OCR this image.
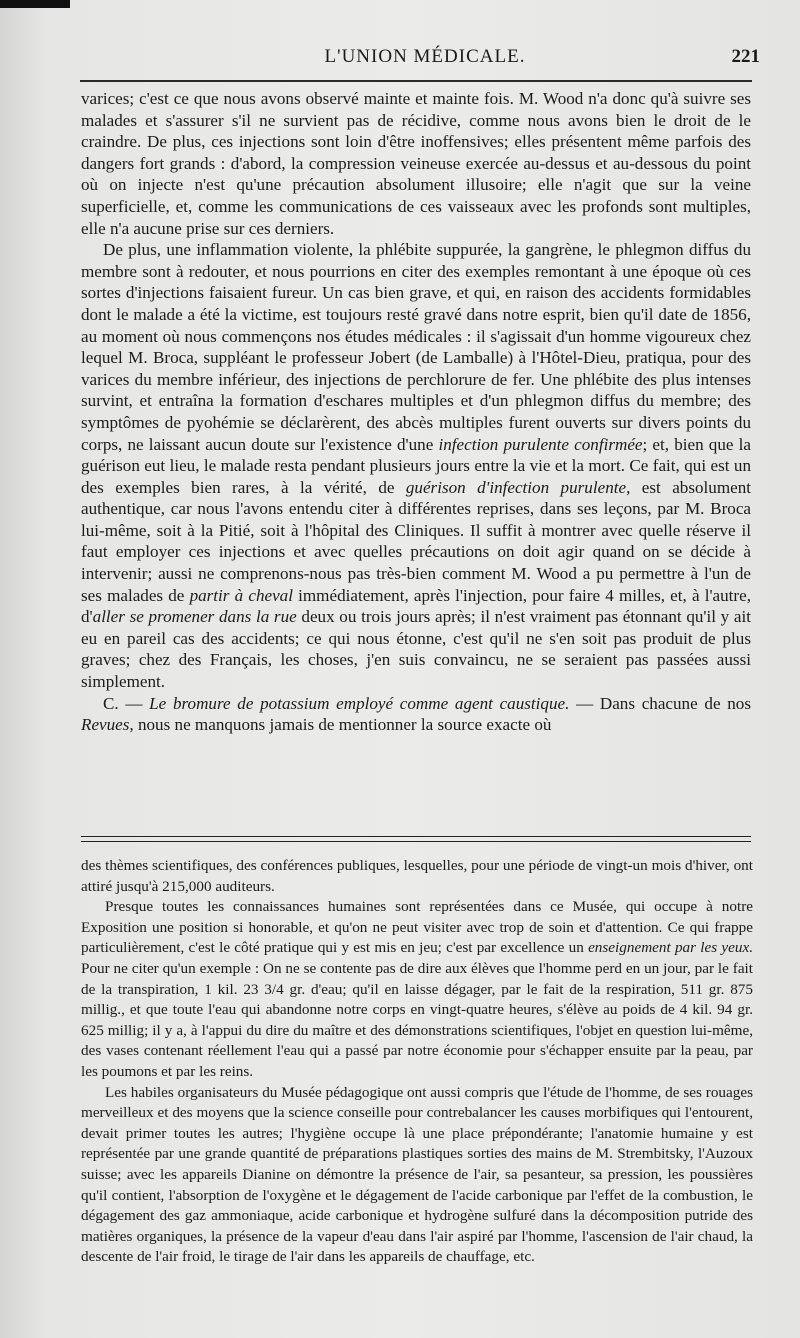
L'UNION MÉDICALE.	221

varices; c'est ce que nous avons observé mainte et mainte fois. M. Wood n'a donc qu'à suivre ses malades et s'assurer s'il ne survient pas de récidive, comme nous avons bien le droit de le craindre. De plus, ces injections sont loin d'être inoffensives; elles présentent même parfois des dangers fort grands : d'abord, la compression veineuse exercée au-dessus et au-dessous du point où on injecte n'est qu'une précaution absolument illusoire; elle n'agit que sur la veine superficielle, et, comme les communications de ces vaisseaux avec les profonds sont multiples, elle n'a aucune prise sur ces derniers.

De plus, une inflammation violente, la phlébite suppurée, la gangrène, le phlegmon diffus du membre sont à redouter, et nous pourrions en citer des exemples remontant à une époque où ces sortes d'injections faisaient fureur. Un cas bien grave, et qui, en raison des accidents formidables dont le malade a été la victime, est toujours resté gravé dans notre esprit, bien qu'il date de 1856, au moment où nous commençons nos études médicales : il s'agissait d'un homme vigoureux chez lequel M. Broca, suppléant le professeur Jobert (de Lamballe) à l'Hôtel-Dieu, pratiqua, pour des varices du membre inférieur, des injections de perchlorure de fer. Une phlébite des plus intenses survint, et entraîna la formation d'eschares multiples et d'un phlegmon diffus du membre; des symptômes de pyohémie se déclarèrent, des abcès multiples furent ouverts sur divers points du corps, ne laissant aucun doute sur l'existence d'une infection purulente confirmée; et, bien que la guérison eut lieu, le malade resta pendant plusieurs jours entre la vie et la mort. Ce fait, qui est un des exemples bien rares, à la vérité, de guérison d'infection purulente, est absolument authentique, car nous l'avons entendu citer à différentes reprises, dans ses leçons, par M. Broca lui-même, soit à la Pitié, soit à l'hôpital des Cliniques. Il suffit à montrer avec quelle réserve il faut employer ces injections et avec quelles précautions on doit agir quand on se décide à intervenir; aussi ne comprenons-nous pas très-bien comment M. Wood a pu permettre à l'un de ses malades de partir à cheval immédiatement, après l'injection, pour faire 4 milles, et, à l'autre, d'aller se promener dans la rue deux ou trois jours après; il n'est vraiment pas étonnant qu'il y ait eu en pareil cas des accidents; ce qui nous étonne, c'est qu'il ne s'en soit pas produit de plus graves; chez des Français, les choses, j'en suis convaincu, ne se seraient pas passées aussi simplement.

C. — Le bromure de potassium employé comme agent caustique. — Dans chacune de nos Revues, nous ne manquons jamais de mentionner la source exacte où

des thèmes scientifiques, des conférences publiques, lesquelles, pour une période de vingt-un mois d'hiver, ont attiré jusqu'à 215,000 auditeurs.

Presque toutes les connaissances humaines sont représentées dans ce Musée, qui occupe à notre Exposition une position si honorable, et qu'on ne peut visiter avec trop de soin et d'attention. Ce qui frappe particulièrement, c'est le côté pratique qui y est mis en jeu; c'est par excellence un enseignement par les yeux. Pour ne citer qu'un exemple : On ne se contente pas de dire aux élèves que l'homme perd en un jour, par le fait de la transpiration, 1 kil. 23 3/4 gr. d'eau; qu'il en laisse dégager, par le fait de la respiration, 511 gr. 875 millig., et que toute l'eau qui abandonne notre corps en vingt-quatre heures, s'élève au poids de 4 kil. 94 gr. 625 millig; il y a, à l'appui du dire du maître et des démonstrations scientifiques, l'objet en question lui-même, des vases contenant réellement l'eau qui a passé par notre économie pour s'échapper ensuite par la peau, par les poumons et par les reins.

Les habiles organisateurs du Musée pédagogique ont aussi compris que l'étude de l'homme, de ses rouages merveilleux et des moyens que la science conseille pour contrebalancer les causes morbifiques qui l'entourent, devait primer toutes les autres; l'hygiène occupe là une place prépondérante; l'anatomie humaine y est représentée par une grande quantité de préparations plastiques sorties des mains de M. Strembitsky, l'Auzoux suisse; avec les appareils Dianine on démontre la présence de l'air, sa pesanteur, sa pression, les poussières qu'il contient, l'absorption de l'oxygène et le dégagement de l'acide carbonique par l'effet de la combustion, le dégagement des gaz ammoniaque, acide carbonique et hydrogène sulfuré dans la décomposition putride des matières organiques, la présence de la vapeur d'eau dans l'air aspiré par l'homme, l'ascension de l'air chaud, la descente de l'air froid, le tirage de l'air dans les appareils de chauffage, etc.
